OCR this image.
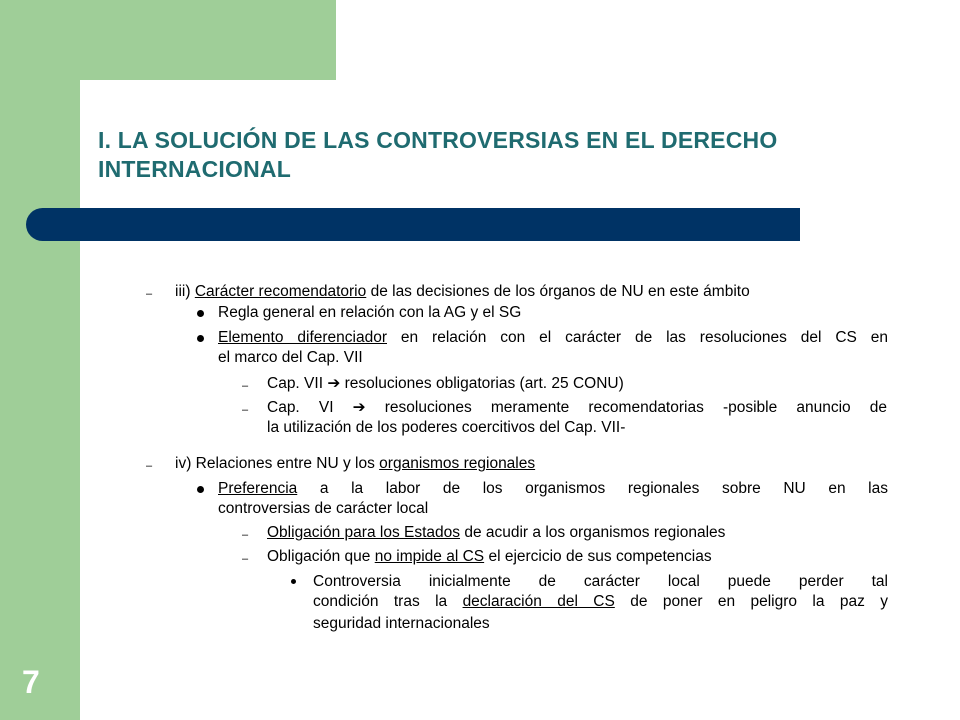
7
I. LA SOLUCIÓN DE LAS CONTROVERSIAS EN EL DERECHO
INTERNACIONAL
– iii) Carácter recomendatorio de las decisiones de los órganos de NU en este ámbito
Regla general en relación con la AG y el SG
Elemento diferenciador en relación con el carácter de las resoluciones del CS en
el marco del Cap. VII
– Cap. VII ➔ resoluciones obligatorias (art. 25 CONU)
– Cap. VI ➔ resoluciones meramente recomendatorias -posible anuncio de
la utilización de los poderes coercitivos del Cap. VII-
– iv) Relaciones entre NU y los organismos regionales
Preferencia a la labor de los organismos regionales sobre NU en las
controversias de carácter local
– Obligación para los Estados de acudir a los organismos regionales
– Obligación que no impide al CS el ejercicio de sus competencias
Controversia inicialmente de carácter local puede perder tal
condición tras la declaración del CS de poner en peligro la paz y
seguridad internacionales
